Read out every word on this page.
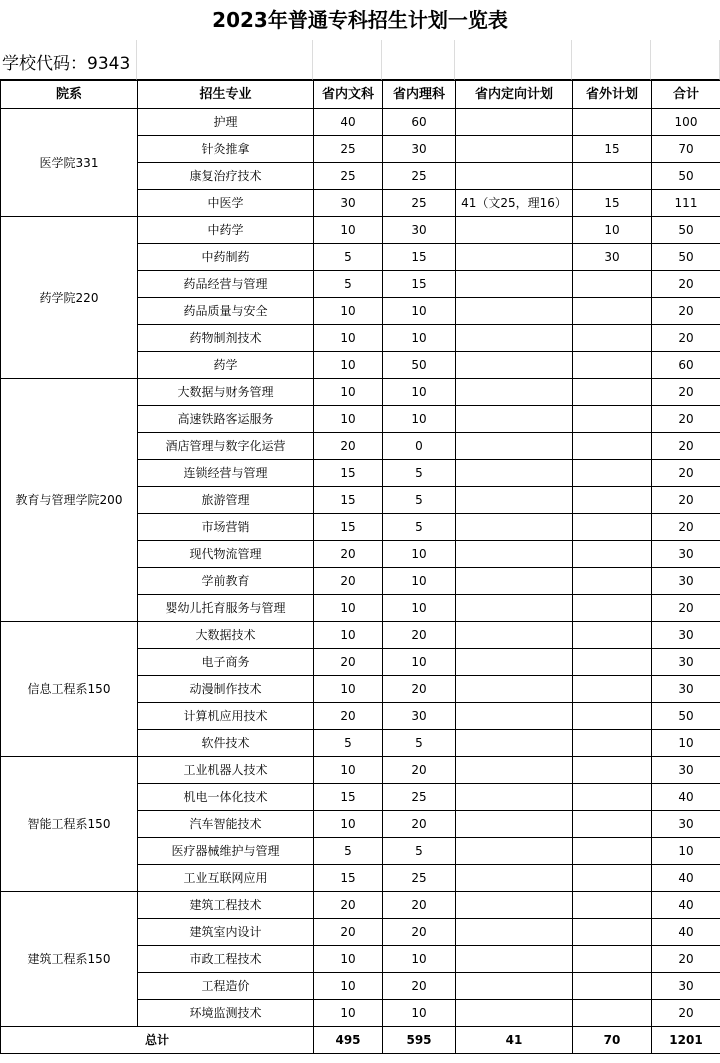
2023年普通专科招生计划一览表
学校代码：9343
院系	招生专业	省内文科	省内理科	省内定向计划	省外计划	合计
医学院331	护理	40	60			100
	针灸推拿	25	30		15	70
	康复治疗技术	25	25			50
	中医学	30	25	41（文25，理16）	15	111
药学院220	中药学	10	30		10	50
	中药制药	5	15		30	50
	药品经营与管理	5	15			20
	药品质量与安全	10	10			20
	药物制剂技术	10	10			20
	药学	10	50			60
教育与管理学院200	大数据与财务管理	10	10			20
	高速铁路客运服务	10	10			20
	酒店管理与数字化运营	20	0			20
	连锁经营与管理	15	5			20
	旅游管理	15	5			20
	市场营销	15	5			20
	现代物流管理	20	10			30
	学前教育	20	10			30
	婴幼儿托育服务与管理	10	10			20
信息工程系150	大数据技术	10	20			30
	电子商务	20	10			30
	动漫制作技术	10	20			30
	计算机应用技术	20	30			50
	软件技术	5	5			10
智能工程系150	工业机器人技术	10	20			30
	机电一体化技术	15	25			40
	汽车智能技术	10	20			30
	医疗器械维护与管理	5	5			10
	工业互联网应用	15	25			40
建筑工程系150	建筑工程技术	20	20			40
	建筑室内设计	20	20			40
	市政工程技术	10	10			20
	工程造价	10	20			30
	环境监测技术	10	10			20
总计		495	595	41	70	1201
